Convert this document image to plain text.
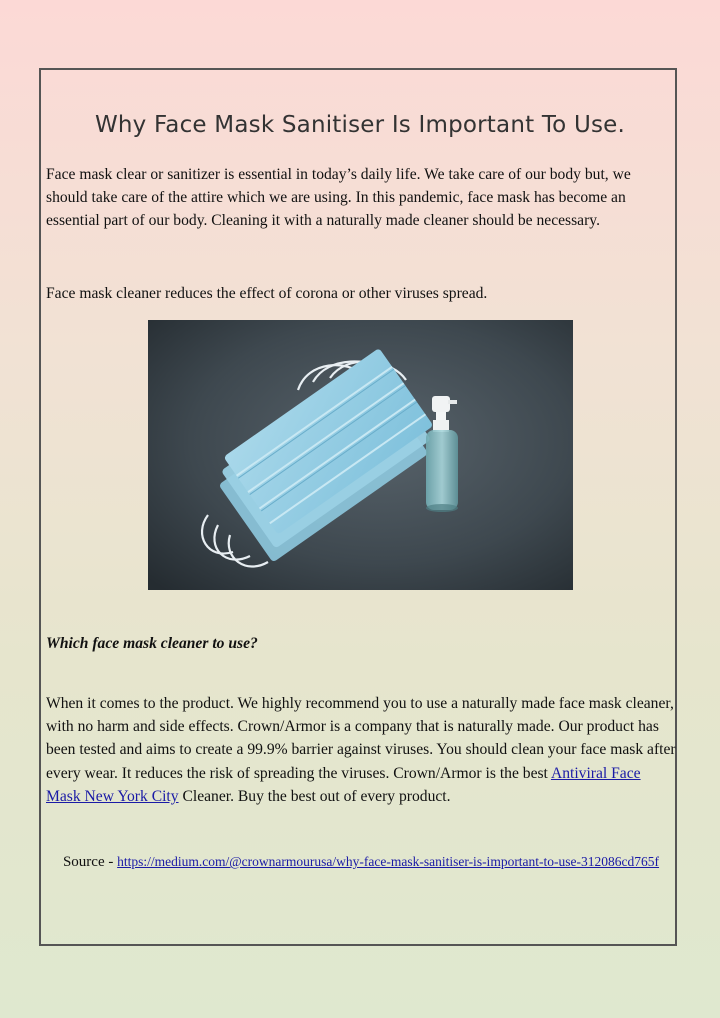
Why Face Mask Sanitiser Is Important To Use.

Face mask clear or sanitizer is essential in today’s daily life. We take care of our body but, we should take care of the attire which we are using. In this pandemic, face mask has become an essential part of our body. Cleaning it with a naturally made cleaner should be necessary.

Face mask cleaner reduces the effect of corona or other viruses spread.

Which face mask cleaner to use?

When it comes to the product. We highly recommend you to use a naturally made face mask cleaner, with no harm and side effects. Crown/Armor is a company that is naturally made. Our product has been tested and aims to create a 99.9% barrier against viruses. You should clean your face mask after every wear. It reduces the risk of spreading the viruses. Crown/Armor is the best Antiviral Face Mask New York City Cleaner. Buy the best out of every product.

Source - https://medium.com/@crownarmourusa/why-face-mask-sanitiser-is-important-to-use-312086cd765f
